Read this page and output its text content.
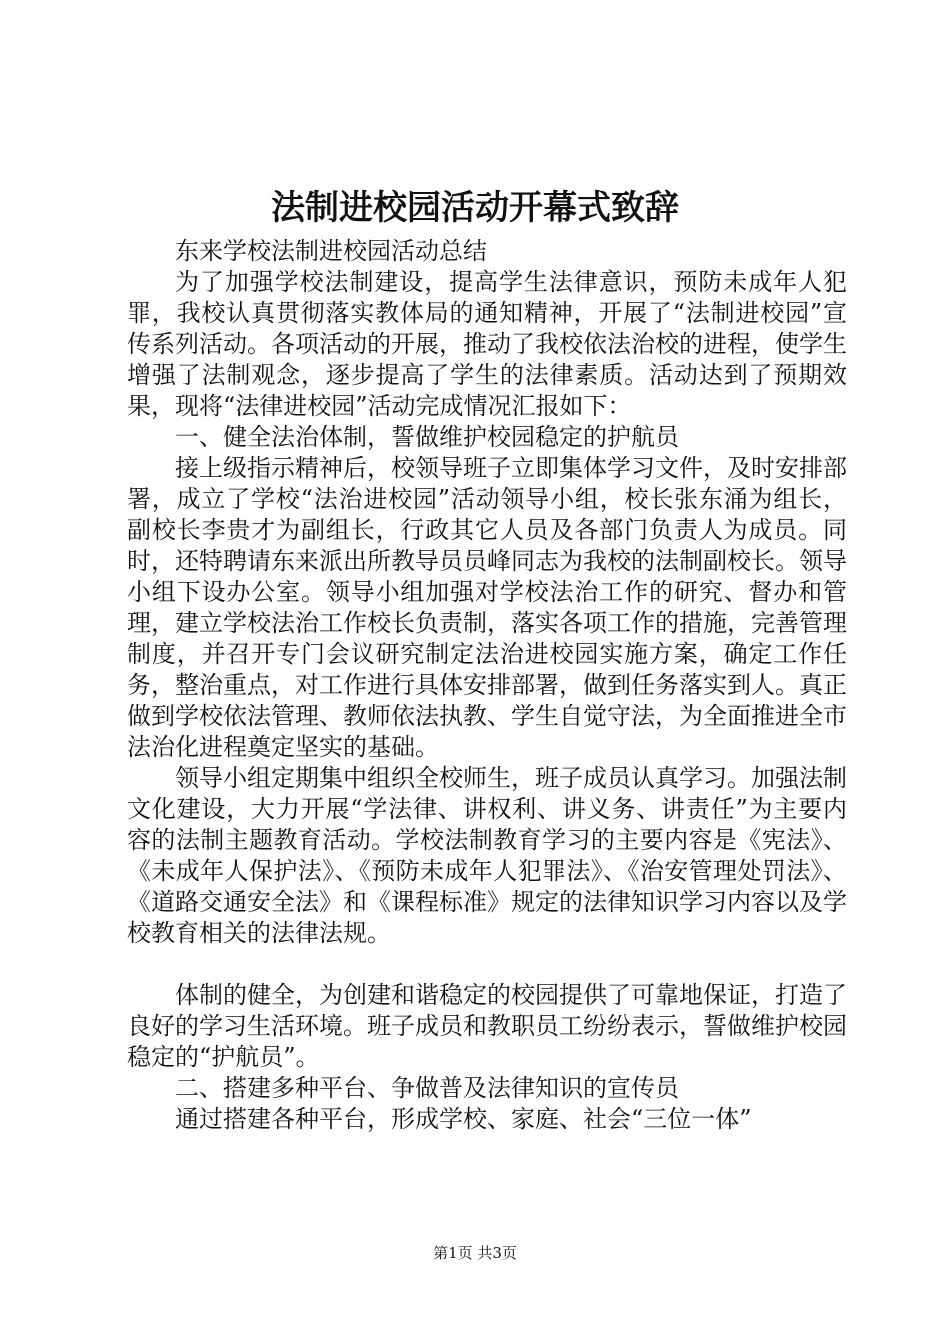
法制进校园活动开幕式致辞

东来学校法制进校园活动总结

为了加强学校法制建设，提高学生法律意识，预防未成年人犯罪，我校认真贯彻落实教体局的通知精神，开展了“法制进校园”宣传系列活动。各项活动的开展，推动了我校依法治校的进程，使学生增强了法制观念，逐步提高了学生的法律素质。活动达到了预期效果，现将“法律进校园”活动完成情况汇报如下：

一、健全法治体制，誓做维护校园稳定的护航员

接上级指示精神后，校领导班子立即集体学习文件，及时安排部署，成立了学校“法治进校园”活动领导小组，校长张东涌为组长，副校长李贵才为副组长，行政其它人员及各部门负责人为成员。同时，还特聘请东来派出所教导员员峰同志为我校的法制副校长。领导小组下设办公室。领导小组加强对学校法治工作的研究、督办和管理，建立学校法治工作校长负责制，落实各项工作的措施，完善管理制度，并召开专门会议研究制定法治进校园实施方案，确定工作任务，整治重点，对工作进行具体安排部署，做到任务落实到人。真正做到学校依法管理、教师依法执教、学生自觉守法，为全面推进全市法治化进程奠定坚实的基础。

领导小组定期集中组织全校师生，班子成员认真学习。加强法制文化建设，大力开展“学法律、讲权利、讲义务、讲责任”为主要内容的法制主题教育活动。学校法制教育学习的主要内容是《宪法》、《未成年人保护法》、《预防未成年人犯罪法》、《治安管理处罚法》、《道路交通安全法》和《课程标准》规定的法律知识学习内容以及学校教育相关的法律法规。

体制的健全，为创建和谐稳定的校园提供了可靠地保证，打造了良好的学习生活环境。班子成员和教职员工纷纷表示，誓做维护校园稳定的“护航员”。

二、搭建多种平台、争做普及法律知识的宣传员

通过搭建各种平台，形成学校、家庭、社会“三位一体”

第1页 共3页
